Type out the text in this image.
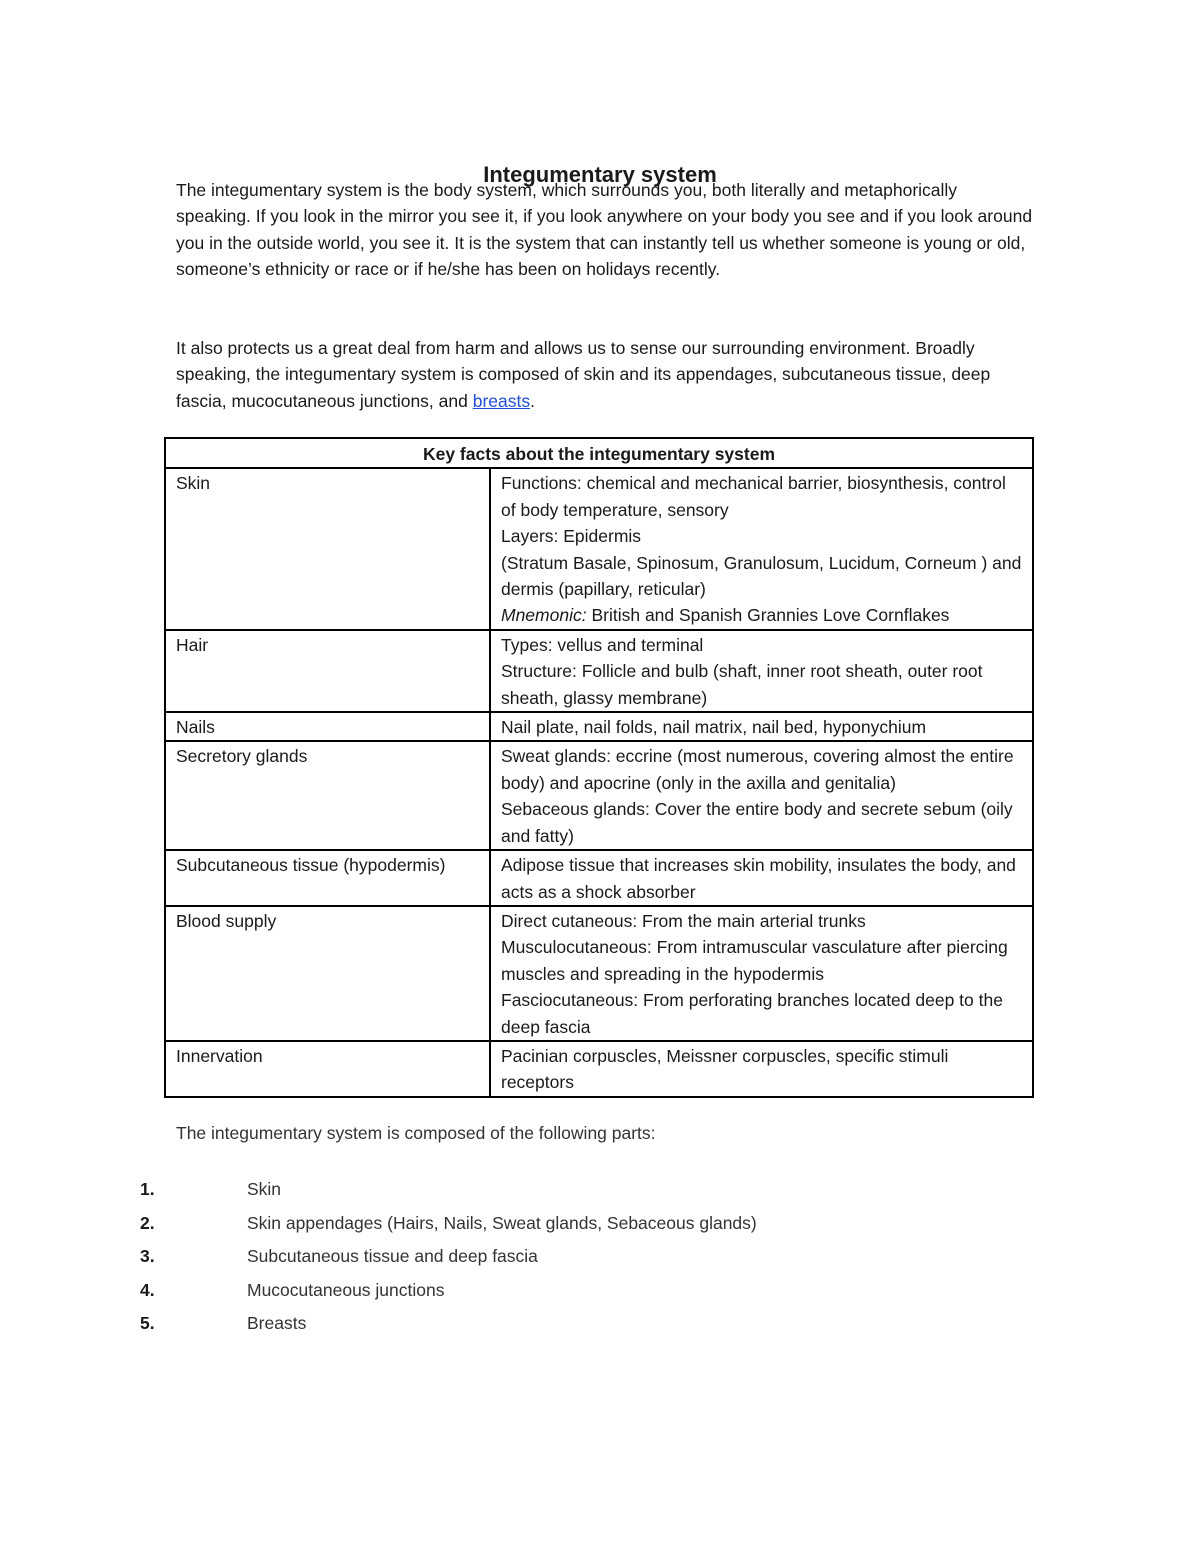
Integumentary system

The integumentary system is the body system, which surrounds you, both literally and metaphorically speaking. If you look in the mirror you see it, if you look anywhere on your body you see and if you look around you in the outside world, you see it. It is the system that can instantly tell us whether someone is young or old, someone’s ethnicity or race or if he/she has been on holidays recently.

It also protects us a great deal from harm and allows us to sense our surrounding environment. Broadly speaking, the integumentary system is composed of skin and its appendages, subcutaneous tissue, deep fascia, mucocutaneous junctions, and breasts.

Key facts about the integumentary system	
Skin	Functions: chemical and mechanical barrier, biosynthesis, control of body temperature, sensory
Layers: Epidermis
(Stratum Basale, Spinosum, Granulosum, Lucidum, Corneum ) and dermis (papillary, reticular)
Mnemonic: British and Spanish Grannies Love Cornflakes

Hair	Types: vellus and terminal
Structure: Follicle and bulb (shaft, inner root sheath, outer root sheath, glassy membrane)

Nails	Nail plate, nail folds, nail matrix, nail bed, hyponychium

Secretory glands	Sweat glands: eccrine (most numerous, covering almost the entire body) and apocrine (only in the axilla and genitalia)
Sebaceous glands: Cover the entire body and secrete sebum (oily and fatty)

Subcutaneous tissue (hypodermis)	Adipose tissue that increases skin mobility, insulates the body, and acts as a shock absorber

Blood supply	Direct cutaneous: From the main arterial trunks
Musculocutaneous: From intramuscular vasculature after piercing muscles and spreading in the hypodermis
Fasciocutaneous: From perforating branches located deep to the deep fascia

Innervation	Pacinian corpuscles, Meissner corpuscles, specific stimuli receptors
The integumentary system is composed of the following parts:
1.	Skin
2.	Skin appendages (Hairs, Nails, Sweat glands, Sebaceous glands)
3.	Subcutaneous tissue and deep fascia
4.	Mucocutaneous junctions
5.	Breasts
